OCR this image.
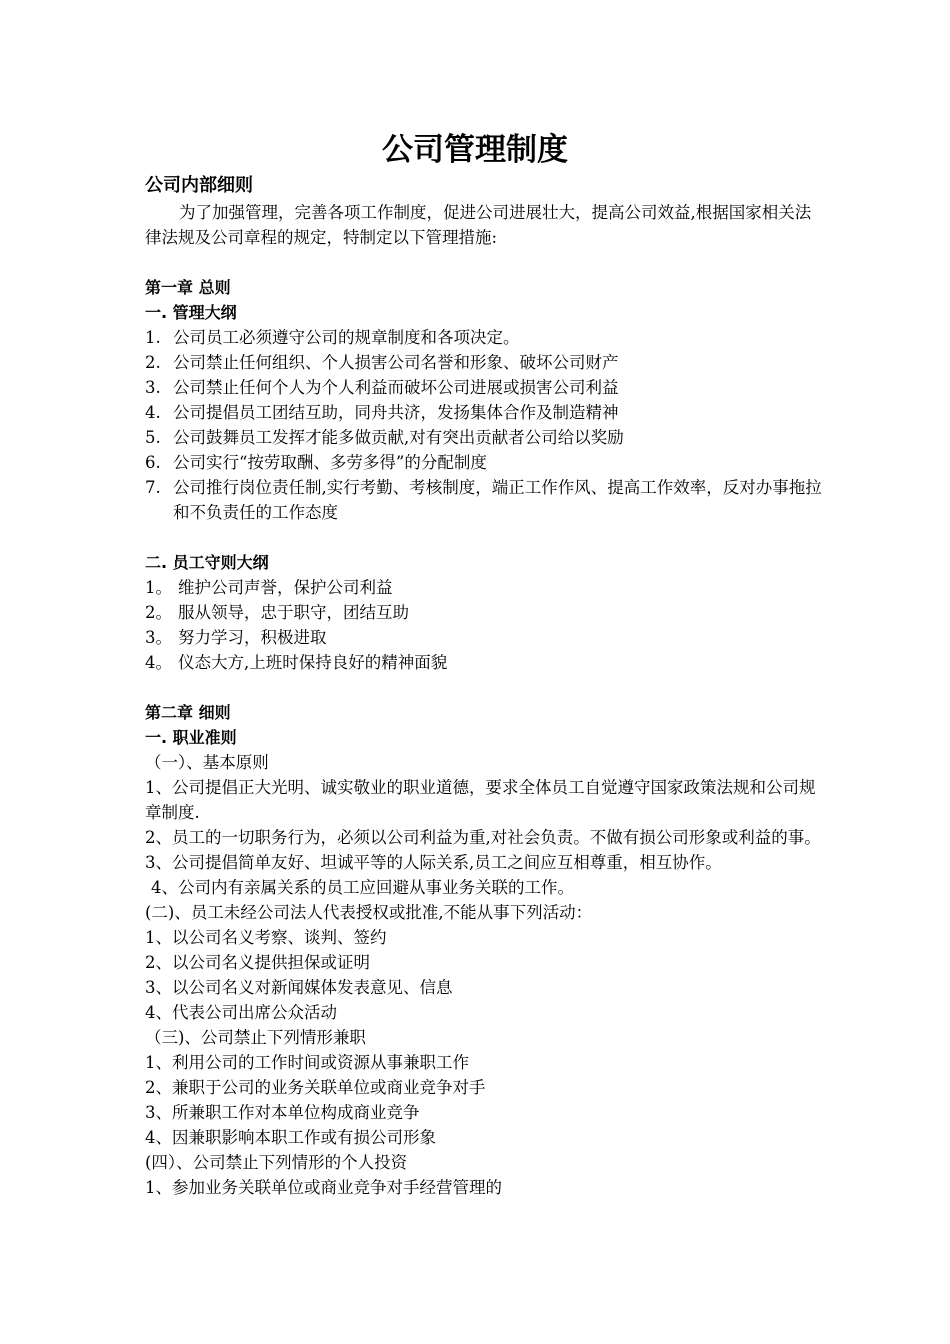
公司管理制度
公司内部细则

为了加强管理，完善各项工作制度，促进公司进展壮大，提高公司效益,根据国家相关法律法规及公司章程的规定，特制定以下管理措施:

第一章 总则
一. 管理大纲
1. 公司员工必须遵守公司的规章制度和各项决定。
2. 公司禁止任何组织、个人损害公司名誉和形象、破坏公司财产
3. 公司禁止任何个人为个人利益而破坏公司进展或损害公司利益
4. 公司提倡员工团结互助，同舟共济，发扬集体合作及制造精神
5. 公司鼓舞员工发挥才能多做贡献,对有突出贡献者公司给以奖励
6. 公司实行“按劳取酬、多劳多得”的分配制度
7. 公司推行岗位责任制,实行考勤、考核制度，端正工作作风、提高工作效率，反对办事拖拉和不负责任的工作态度
二. 员工守则大纲
1。 维护公司声誉，保护公司利益
2。 服从领导，忠于职守，团结互助
3。 努力学习，积极进取
4。 仪态大方,上班时保持良好的精神面貌
第二章 细则
一. 职业准则

（一）、基本原则

1、公司提倡正大光明、诚实敬业的职业道德，要求全体员工自觉遵守国家政策法规和公司规章制度.

2、员工的一切职务行为，必须以公司利益为重,对社会负责。不做有损公司形象或利益的事。

3、公司提倡简单友好、坦诚平等的人际关系,员工之间应互相尊重，相互协作。

4、公司内有亲属关系的员工应回避从事业务关联的工作。

(二)、员工未经公司法人代表授权或批准,不能从事下列活动：

1、以公司名义考察、谈判、签约

2、以公司名义提供担保或证明

3、以公司名义对新闻媒体发表意见、信息

4、代表公司出席公众活动

（三)、公司禁止下列情形兼职

1、利用公司的工作时间或资源从事兼职工作

2、兼职于公司的业务关联单位或商业竞争对手

3、所兼职工作对本单位构成商业竞争

4、因兼职影响本职工作或有损公司形象

(四）、公司禁止下列情形的个人投资

1、参加业务关联单位或商业竞争对手经营管理的
